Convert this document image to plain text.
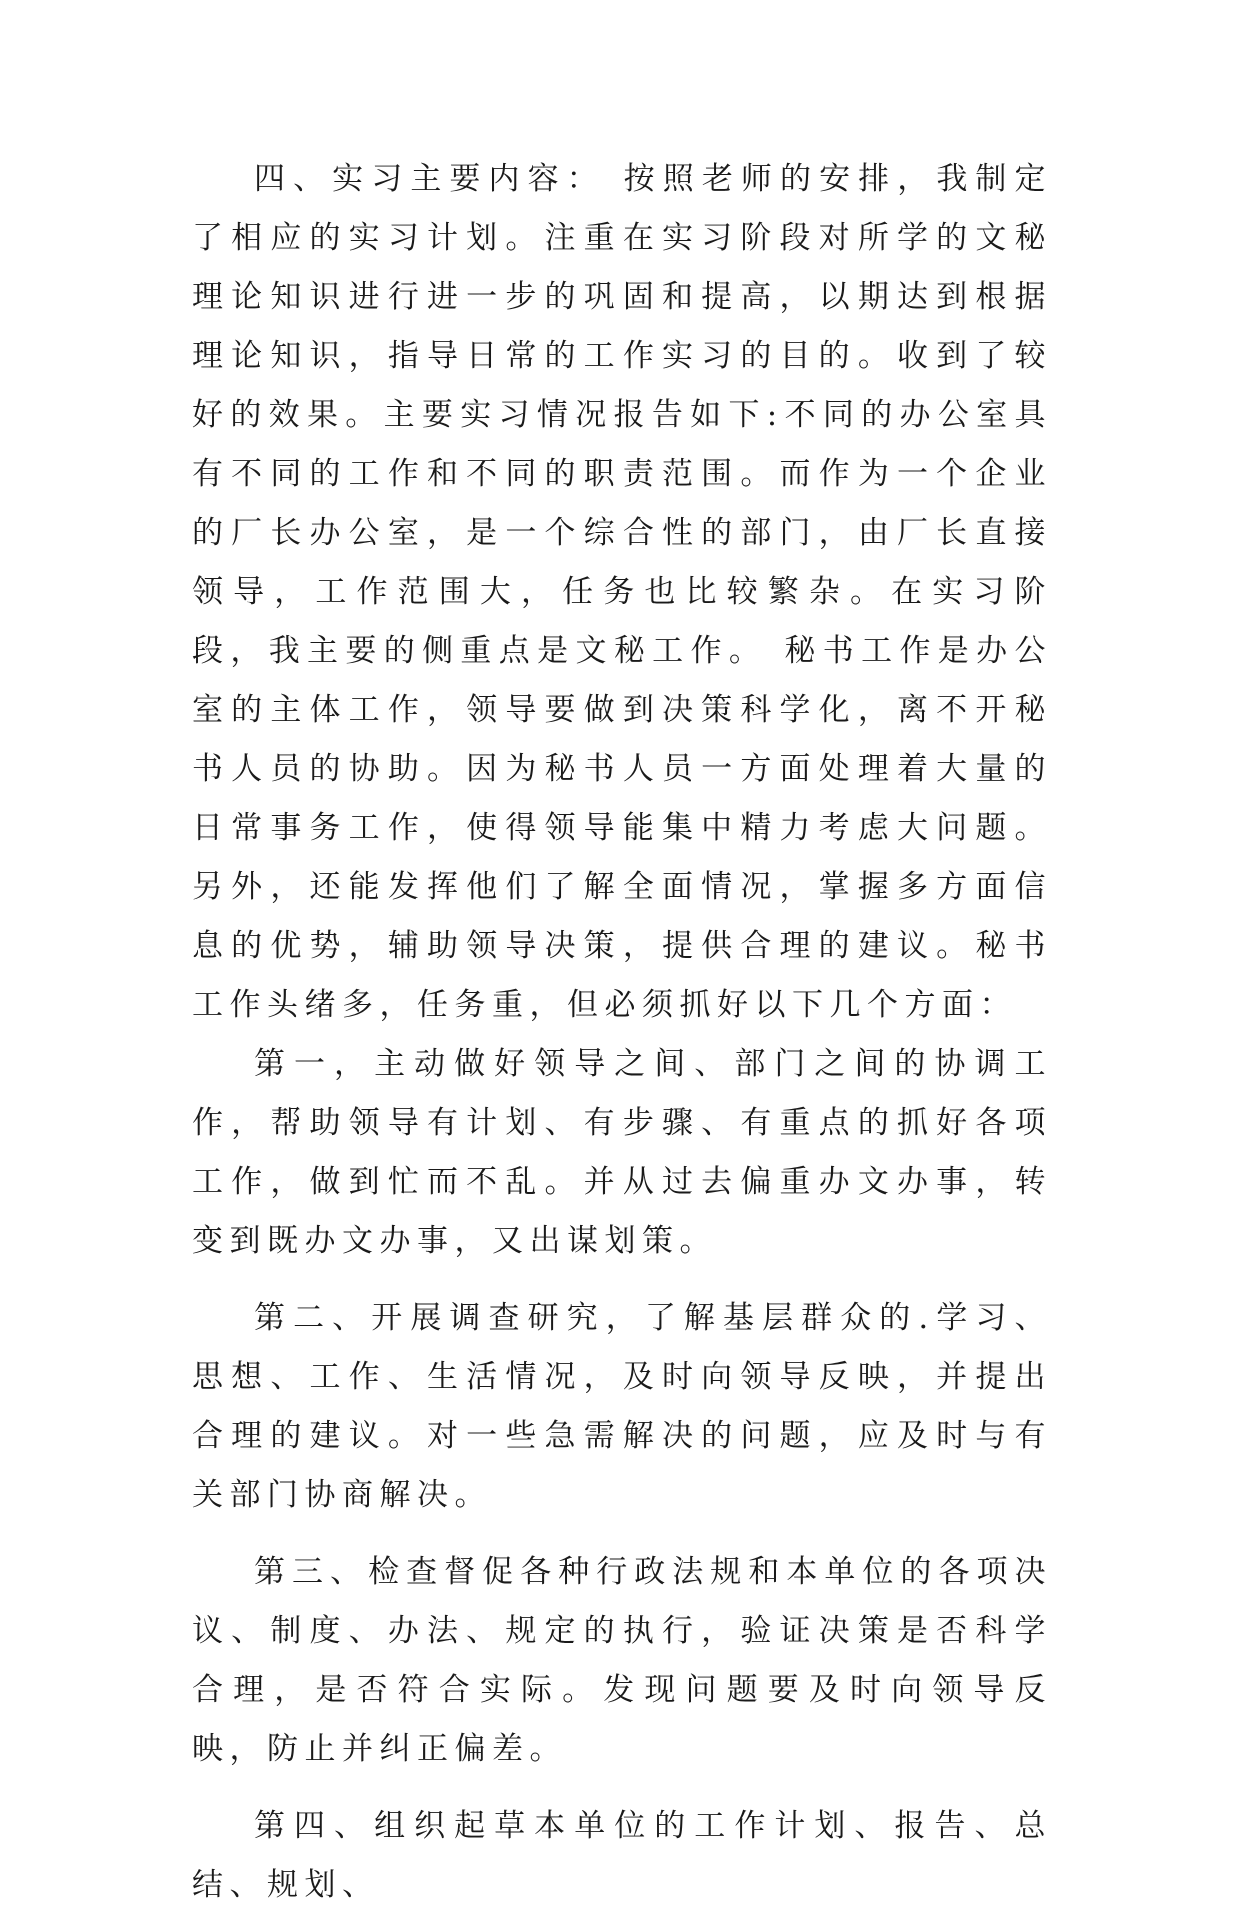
四、实习主要内容： 按照老师的安排，我制定了相应的实习计划。注重在实习阶段对所学的文秘理论知识进行进一步的巩固和提高，以期达到根据理论知识，指导日常的工作实习的目的。收到了较好的效果。主要实习情况报告如下:不同的办公室具有不同的工作和不同的职责范围。而作为一个企业的厂长办公室，是一个综合性的部门，由厂长直接领导，工作范围大，任务也比较繁杂。在实习阶段，我主要的侧重点是文秘工作。 秘书工作是办公室的主体工作，领导要做到决策科学化，离不开秘书人员的协助。因为秘书人员一方面处理着大量的日常事务工作，使得领导能集中精力考虑大问题。另外，还能发挥他们了解全面情况，掌握多方面信息的优势，辅助领导决策，提供合理的建议。秘书工作头绪多，任务重，但必须抓好以下几个方面：

第一，主动做好领导之间、部门之间的协调工作，帮助领导有计划、有步骤、有重点的抓好各项工作，做到忙而不乱。并从过去偏重办文办事，转变到既办文办事，又出谋划策。

第二、开展调查研究，了解基层群众的.学习、思想、工作、生活情况，及时向领导反映，并提出合理的建议。对一些急需解决的问题，应及时与有关部门协商解决。

第三、检查督促各种行政法规和本单位的各项决议、制度、办法、规定的执行，验证决策是否科学合理，是否符合实际。发现问题要及时向领导反映，防止并纠正偏差。

第四、组织起草本单位的工作计划、报告、总结、规划、
